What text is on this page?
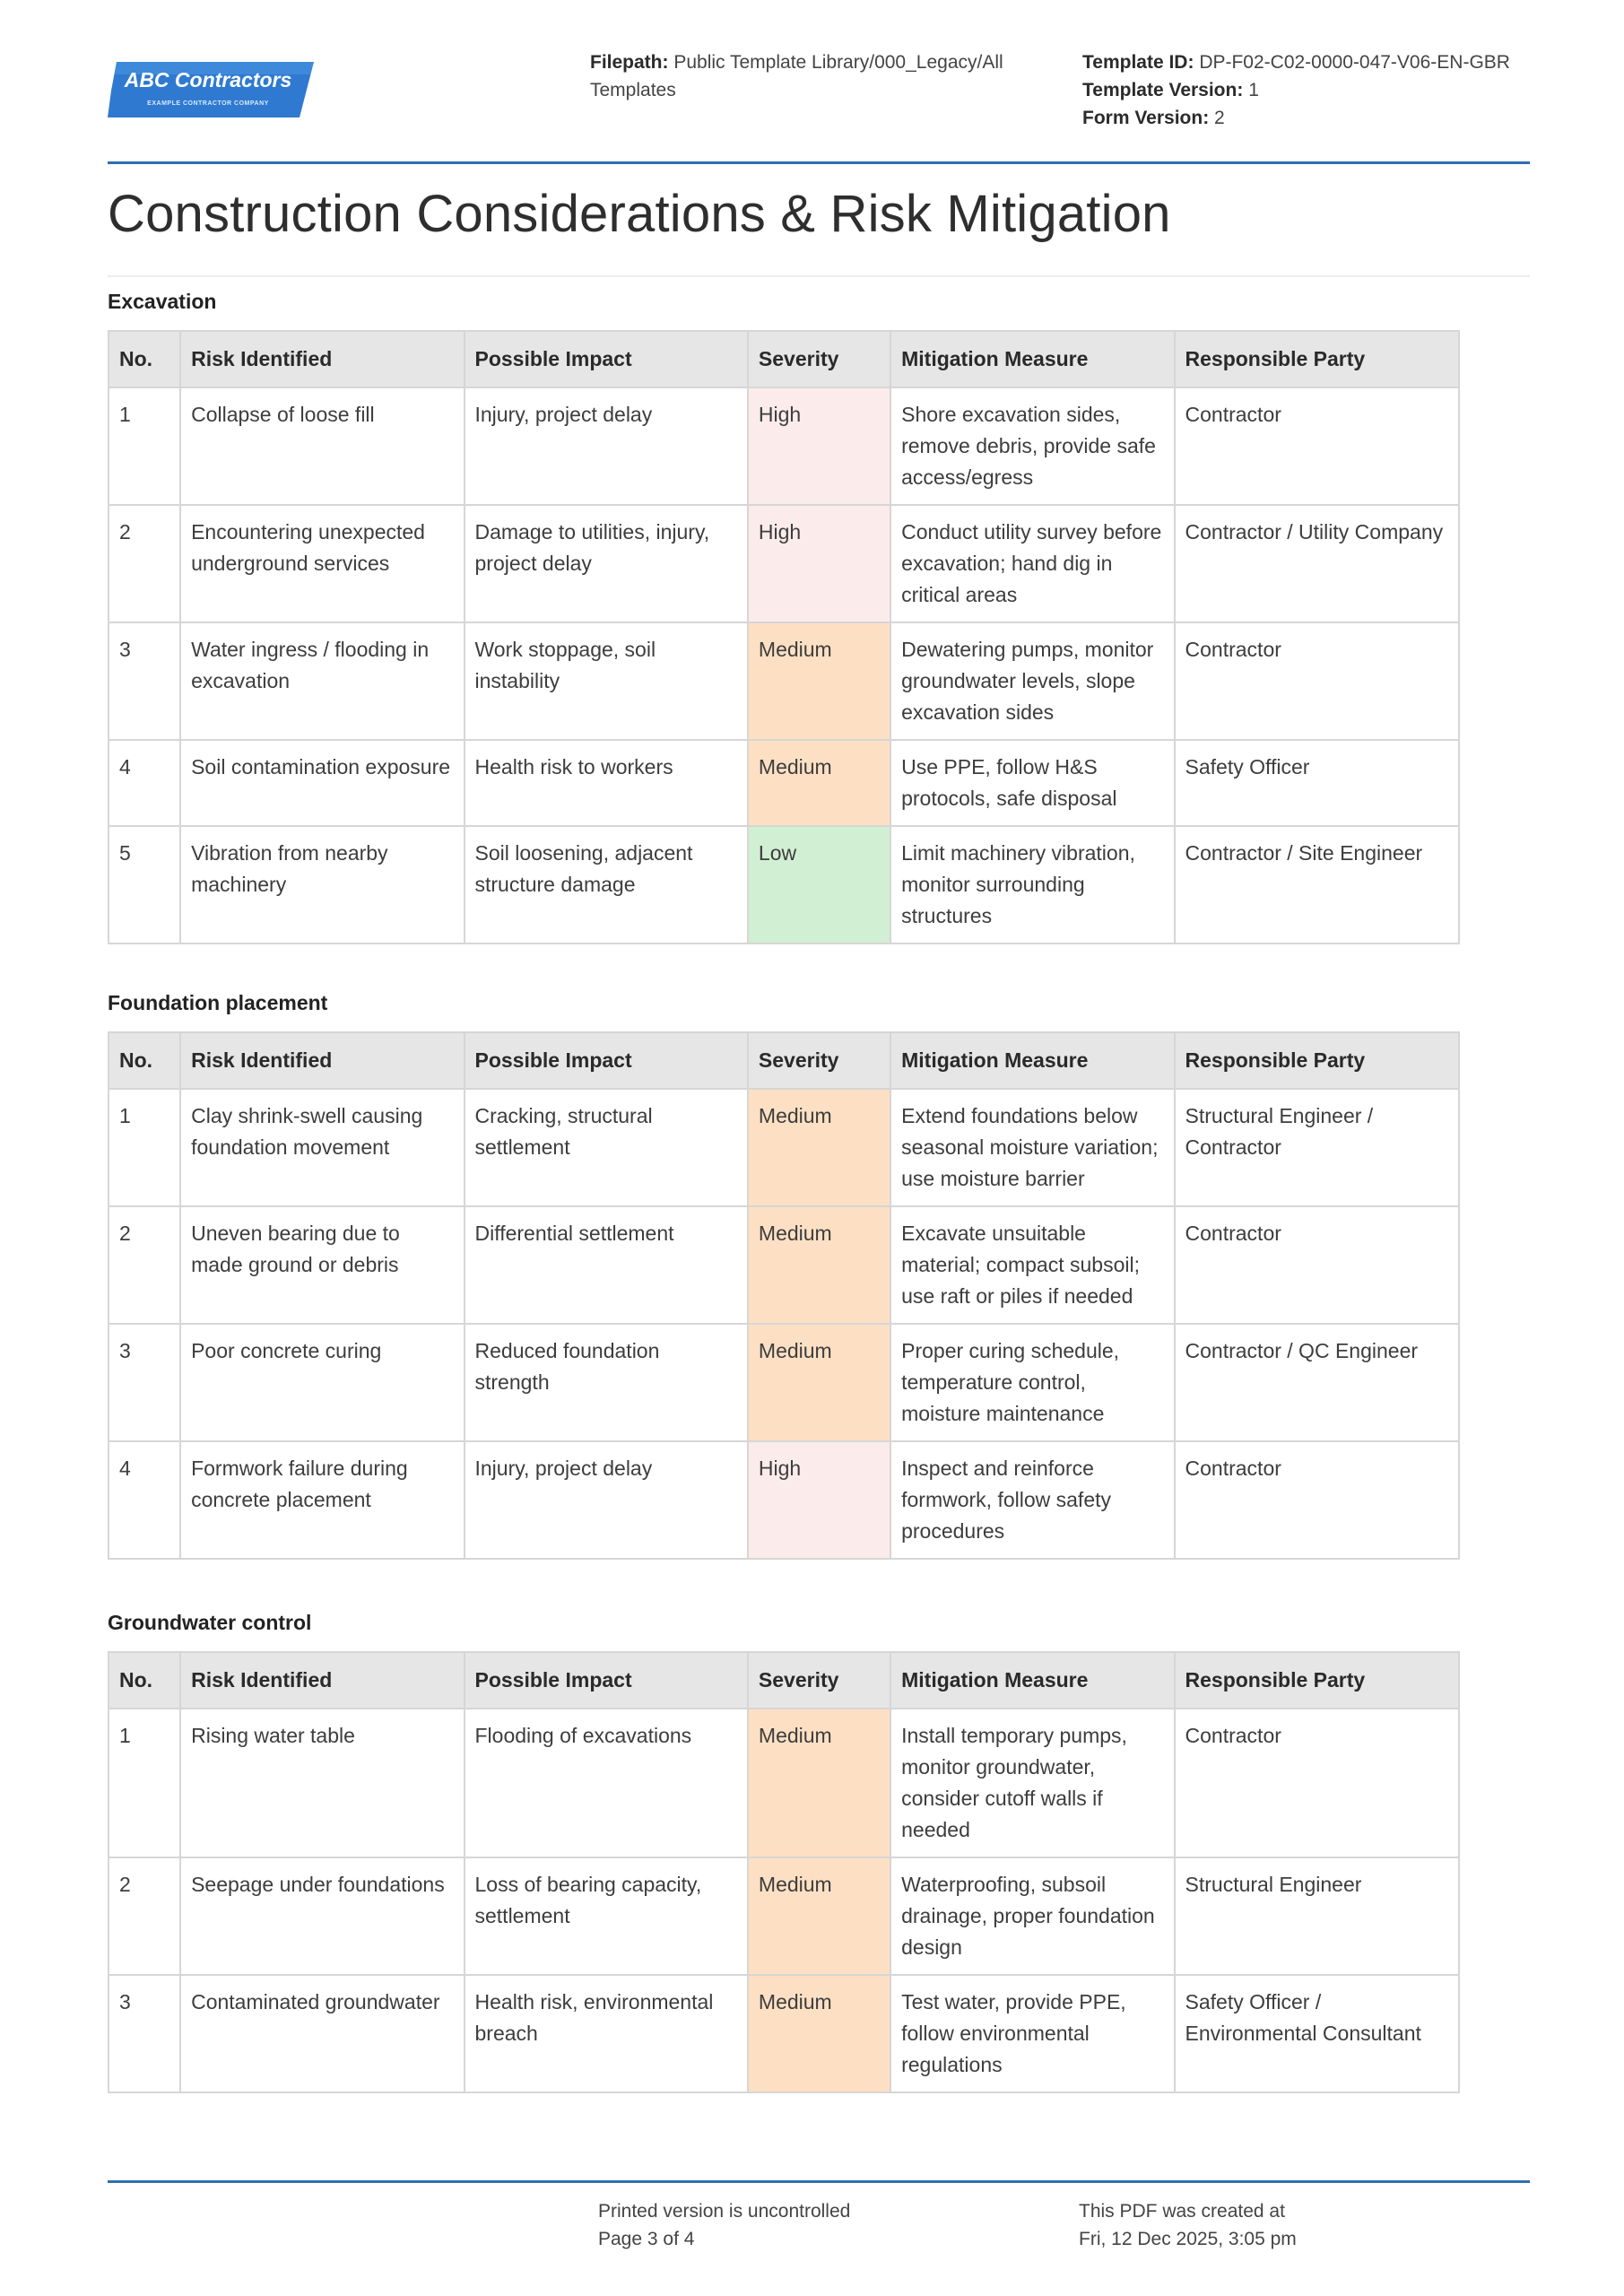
ABC Contractors
EXAMPLE CONTRACTOR COMPANY
Filepath: Public Template Library/000_Legacy/All Templates
Template ID: DP-F02-C02-0000-047-V06-EN-GBR
Template Version: 1
Form Version: 2
Construction Considerations & Risk Mitigation
Excavation
No.	Risk Identified	Possible Impact	Severity	Mitigation Measure	Responsible Party
1	Collapse of loose fill	Injury, project delay	High	Shore excavation sides, remove debris, provide safe access/egress	Contractor
2	Encountering unexpected underground services	Damage to utilities, injury, project delay	High	Conduct utility survey before excavation; hand dig in critical areas	Contractor / Utility Company
3	Water ingress / flooding in excavation	Work stoppage, soil instability	Medium	Dewatering pumps, monitor groundwater levels, slope excavation sides	Contractor
4	Soil contamination exposure	Health risk to workers	Medium	Use PPE, follow H&S protocols, safe disposal	Safety Officer
5	Vibration from nearby machinery	Soil loosening, adjacent structure damage	Low	Limit machinery vibration, monitor surrounding structures	Contractor / Site Engineer
Foundation placement
No.	Risk Identified	Possible Impact	Severity	Mitigation Measure	Responsible Party
1	Clay shrink-swell causing foundation movement	Cracking, structural settlement	Medium	Extend foundations below seasonal moisture variation; use moisture barrier	Structural Engineer / Contractor
2	Uneven bearing due to made ground or debris	Differential settlement	Medium	Excavate unsuitable material; compact subsoil; use raft or piles if needed	Contractor
3	Poor concrete curing	Reduced foundation strength	Medium	Proper curing schedule, temperature control, moisture maintenance	Contractor / QC Engineer
4	Formwork failure during concrete placement	Injury, project delay	High	Inspect and reinforce formwork, follow safety procedures	Contractor
Groundwater control
No.	Risk Identified	Possible Impact	Severity	Mitigation Measure	Responsible Party
1	Rising water table	Flooding of excavations	Medium	Install temporary pumps, monitor groundwater, consider cutoff walls if needed	Contractor
2	Seepage under foundations	Loss of bearing capacity, settlement	Medium	Waterproofing, subsoil drainage, proper foundation design	Structural Engineer
3	Contaminated groundwater	Health risk, environmental breach	Medium	Test water, provide PPE, follow environmental regulations	Safety Officer / Environmental Consultant
Printed version is uncontrolled
Page 3 of 4
This PDF was created at
Fri, 12 Dec 2025, 3:05 pm
